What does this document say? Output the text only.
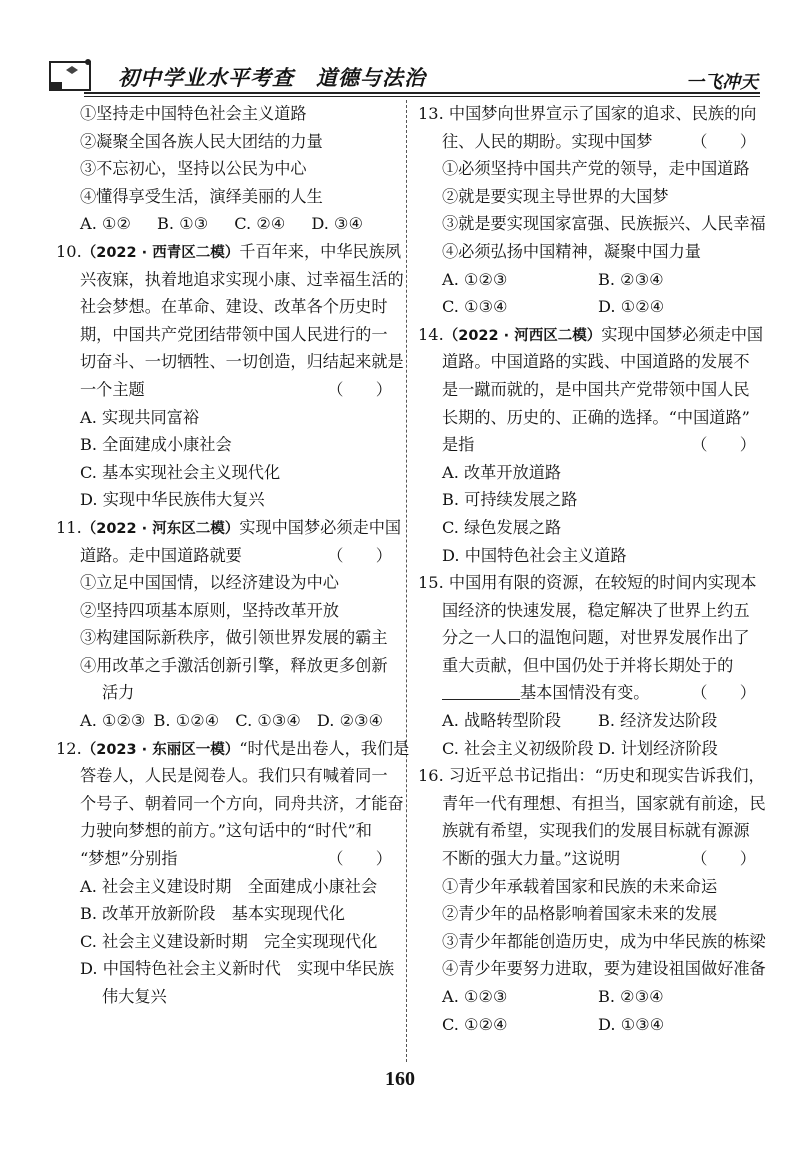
初中学业水平考查　道德与法治	一飞冲天
①坚持走中国特色社会主义道路
②凝聚全国各族人民大团结的力量
③不忘初心，坚持以公民为中心
④懂得享受生活，演绎美丽的人生
A. ①② B. ①③ C. ②④ D. ③④
10.（2022 · 西青区二模）千百年来，中华民族夙
兴夜寐，执着地追求实现小康、过幸福生活的
社会梦想。在革命、建设、改革各个历史时
期，中国共产党团结带领中国人民进行的一
切奋斗、一切牺牲、一切创造，归结起来就是
一个主题	（　　）
A. 实现共同富裕
B. 全面建成小康社会
C. 基本实现社会主义现代化
D. 实现中华民族伟大复兴
11.（2022 · 河东区二模）实现中国梦必须走中国
道路。走中国道路就要	（　　）
①立足中国国情，以经济建设为中心
②坚持四项基本原则，坚持改革开放
③构建国际新秩序，做引领世界发展的霸主
④用改革之手激活创新引擎，释放更多创新
活力
A. ①②③ B. ①②④ C. ①③④ D. ②③④
12.（2023 · 东丽区一模）“时代是出卷人，我们是
答卷人，人民是阅卷人。我们只有喊着同一
个号子、朝着同一个方向，同舟共济，才能奋
力驶向梦想的前方。”这句话中的“时代”和
“梦想”分别指	（　　）
A. 社会主义建设时期　全面建成小康社会
B. 改革开放新阶段　基本实现现代化
C. 社会主义建设新时期　完全实现现代化
D. 中国特色社会主义新时代　实现中华民族
伟大复兴
13. 中国梦向世界宣示了国家的追求、民族的向
往、人民的期盼。实现中国梦 （　　）
①必须坚持中国共产党的领导，走中国道路
②就是要实现主导世界的大国梦
③就是要实现国家富强、民族振兴、人民幸福
④必须弘扬中国精神，凝聚中国力量
A. ①②③	B. ②③④
C. ①③④	D. ①②④
14.（2022 · 河西区二模）实现中国梦必须走中国
道路。中国道路的实践、中国道路的发展不
是一蹴而就的，是中国共产党带领中国人民
长期的、历史的、正确的选择。“中国道路”
是指	（　　）
A. 改革开放道路
B. 可持续发展之路
C. 绿色发展之路
D. 中国特色社会主义道路
15. 中国用有限的资源，在较短的时间内实现本
国经济的快速发展，稳定解决了世界上约五
分之一人口的温饱问题，对世界发展作出了
重大贡献，但中国仍处于并将长期处于的
基本国情没有变。	（　　）
A. 战略转型阶段	B. 经济发达阶段
C. 社会主义初级阶段 D. 计划经济阶段
16. 习近平总书记指出：“历史和现实告诉我们，
青年一代有理想、有担当，国家就有前途，民
族就有希望，实现我们的发展目标就有源源
不断的强大力量。”这说明	（　　）
①青少年承载着国家和民族的未来命运
②青少年的品格影响着国家未来的发展
③青少年都能创造历史，成为中华民族的栋梁
④青少年要努力进取，要为建设祖国做好准备
A. ①②③	B. ②③④
C. ①②④	D. ①③④
160
